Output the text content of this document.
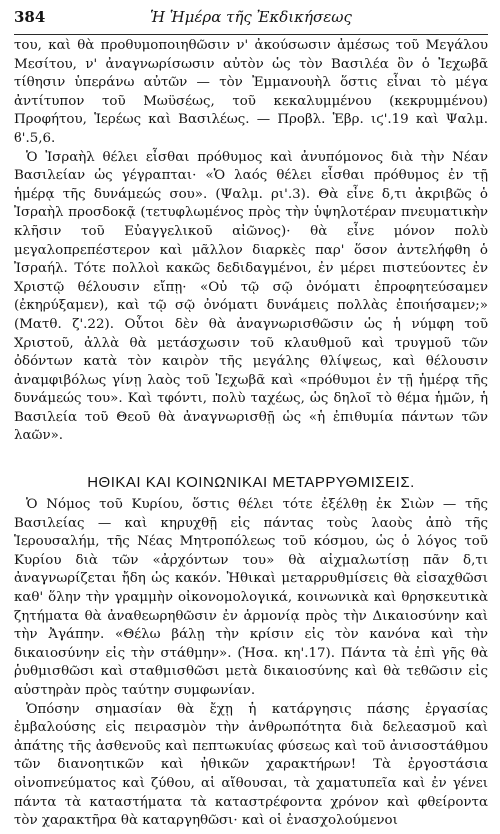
384	Ἡ Ἡμέρα τῆς Ἐκδικήσεως

του, καὶ θὰ προθυμοποιηθῶσιν ν' ἀκούσωσιν ἀμέσως τοῦ Μεγάλου Μεσίτου, ν' ἀναγνωρίσωσιν αὐτὸν ὡς τὸν Βασιλέα ὃν ὁ Ἰεχωβᾶ τίθησιν ὑπεράνω αὐτῶν — τὸν Ἐμμανουὴλ ὅστις εἶναι τὸ μέγα ἀντίτυπον τοῦ Μωϋσέως, τοῦ κεκαλυμμένου (κεκρυμμένου) Προφήτου, Ἱερέως καὶ Βασιλέως. — Προβλ. Ἑβρ. ιϛ'.19 καὶ Ψαλμ. ϐ'.5,6.

Ὁ Ἰσραὴλ θέλει εἶσθαι πρόθυμος καὶ ἀνυπόμονος διὰ τὴν Νέαν Βασιλείαν ὡς γέγραπται· «Ὁ λαός θέλει εἶσθαι πρόθυμος ἐν τῇ ἡμέρᾳ τῆς δυνάμεώς σου». (Ψαλμ. ρι'.3). Θὰ εἶνε δ,τι ἀκριβῶς ὁ Ἰσραὴλ προσδοκᾷ (τετυφλωμένος πρὸς τὴν ὑψηλοτέραν πνευματικὴν κλῆσιν τοῦ Εὐαγγελικοῦ αἰῶνος)· θὰ εἶνε μόνον πολὺ μεγαλοπρεπέστερον καὶ μᾶλλον διαρκὲς παρ' ὅσον ἀντελήφθη ὁ Ἰσραήλ. Τότε πολλοὶ κακῶς δεδιδαγμένοι, ἐν μέρει πιστεύοντες ἐν Χριστῷ θέλουσιν εἴπῃ· «Οὐ τῷ σῷ ὀνόματι ἐπροφητεύσαμεν (ἐκηρύξαμεν), καὶ τῷ σῷ ὀνόματι δυνάμεις πολλὰς ἐποιήσαμεν;» (Ματθ. ζ'.22). Οὗτοι δὲν θὰ ἀναγνωρισθῶσιν ὡς ἡ νύμφη τοῦ Χριστοῦ, ἀλλὰ θὰ μετάσχωσιν τοῦ κλαυθμοῦ καὶ τρυγμοῦ τῶν ὀδόντων κατὰ τὸν καιρὸν τῆς μεγάλης θλίψεως, καὶ θέλουσιν ἀναμφιβόλως γίνῃ λαὸς τοῦ Ἰεχωβᾶ καὶ «πρόθυμοι ἐν τῇ ἡμέρᾳ τῆς δυνάμεώς του». Καὶ τφόντι, πολὺ ταχέως, ὡς δηλοῖ τὸ θέμα ἡμῶν, ἡ Βασιλεία τοῦ Θεοῦ θὰ ἀναγνωρισθῇ ὡς «ἡ ἐπιθυμία πάντων τῶν λαῶν».

ΗΘΙΚΑΙ ΚΑΙ ΚΟΙΝΩΝΙΚΑΙ ΜΕΤΑΡΡΥΘΜΙΣΕΙΣ.

Ὁ Νόμος τοῦ Κυρίου, ὅστις θέλει τότε ἐξέλθῃ ἐκ Σιὼν — τῆς Βασιλείας — καὶ κηρυχθῇ εἰς πάντας τοὺς λαοὺς ἀπὸ τῆς Ἱερουσαλήμ, τῆς Νέας Μητροπόλεως τοῦ κόσμου, ὡς ὁ λόγος τοῦ Κυρίου διὰ τῶν «ἀρχόντων του» θὰ αἰχμαλωτίσῃ πᾶν δ,τι ἀναγνωρίζεται ἤδη ὡς κακόν. Ἠθικαὶ μεταρρυθμίσεις θὰ εἰσαχθῶσι καθ' ὅλην τὴν γραμμὴν οἰκονομολογικά, κοινωνικὰ καὶ θρησκευτικὰ ζητήματα θὰ ἀναθεωρηθῶσιν ἐν ἁρμονίᾳ πρὸς τὴν Δικαιοσύνην καὶ τὴν Ἀγάπην. «Θέλω βάλῃ τὴν κρίσιν εἰς τὸν κανόνα καὶ τὴν δικαιοσύνην εἰς τὴν στάθμην». (Ἡσα. κη'.17). Πάντα τὰ ἐπὶ γῆς θὰ ῥυθμισθῶσι καὶ σταθμισθῶσι μετὰ δικαιοσύνης καὶ θὰ τεθῶσιν εἰς αὐστηρὰν πρὸς ταύτην συμφωνίαν.

Ὁπόσην σημασίαν θὰ ἔχῃ ἡ κατάργησις πάσης ἐργασίας ἐμβαλούσης εἰς πειρασμὸν τὴν ἀνθρωπότητα διὰ δελεασμοῦ καὶ ἀπάτης τῆς ἀσθενοῦς καὶ πεπτωκυίας φύσεως καὶ τοῦ ἀνισοστάθμου τῶν διανοητικῶν καὶ ἠθικῶν χαρακτήρων! Τὰ ἐργοστάσια οἰνοπνεύματος καὶ ζύθου, αἱ αἴθουσαι, τὰ χαματυπεῖα καὶ ἐν γένει πάντα τὰ καταστήματα τὰ καταστρέφοντα χρόνον καὶ φθείροντα τὸν χαρακτῆρα θὰ καταργηθῶσι· καὶ οἱ ἐνασχολούμενοι
